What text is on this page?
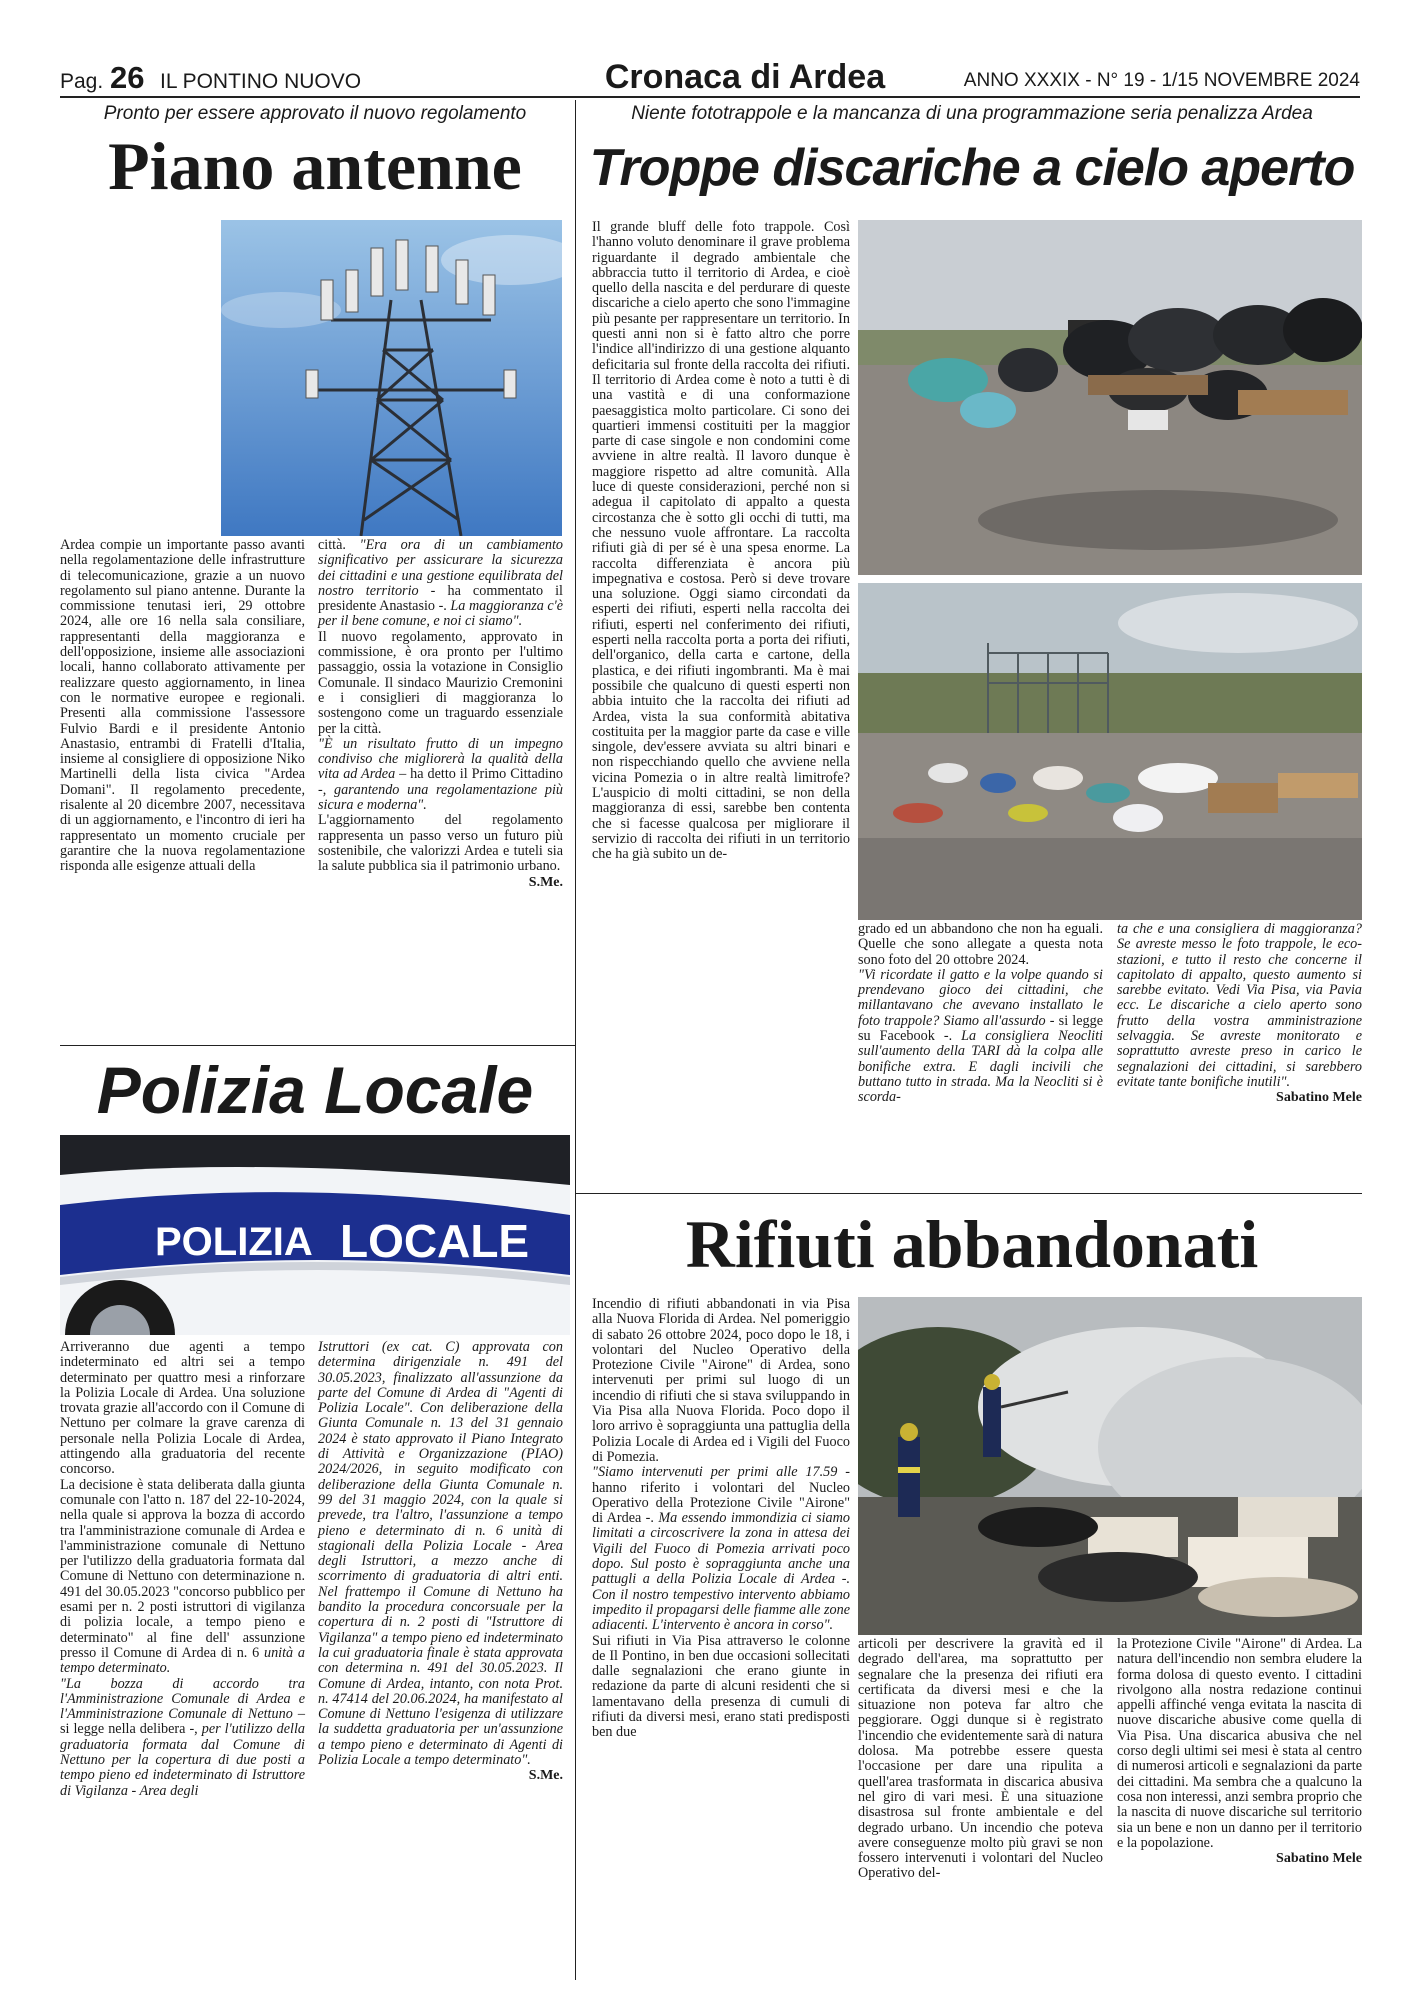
Pag. 26 IL PONTINO NUOVO	Cronaca di Ardea	ANNO XXXIX - N° 19 - 1/15 NOVEMBRE 2024
Pronto per essere approvato il nuovo regolamento
Piano antenne
Ardea compie un importante passo avanti nella regolamentazione delle infrastrutture di telecomunicazione, grazie a un nuovo regolamento sul piano antenne. Durante la commissione tenutasi ieri, 29 ottobre 2024, alle ore 16 nella sala consiliare, rappresentanti della maggioranza e dell'opposizione, insieme alle associazioni locali, hanno collaborato attivamente per realizzare questo aggiornamento, in linea con le normative europee e regionali. Presenti alla commissione l'assessore Fulvio Bardi e il presidente Antonio Anastasio, entrambi di Fratelli d'Italia, insieme al consigliere di opposizione Niko Martinelli della lista civica "Ardea Domani". Il regolamento precedente, risalente al 20 dicembre 2007, necessitava di un aggiornamento, e l'incontro di ieri ha rappresentato un momento cruciale per garantire che la nuova regolamentazione risponda alle esigenze attuali della

città. "Era ora di un cambiamento significativo per assicurare la sicurezza dei cittadini e una gestione equilibrata del nostro territorio - ha commentato il presidente Anastasio -. La maggioranza c'è per il bene comune, e noi ci siamo".

Il nuovo regolamento, approvato in commissione, è ora pronto per l'ultimo passaggio, ossia la votazione in Consiglio Comunale. Il sindaco Maurizio Cremonini e i consiglieri di maggioranza lo sostengono come un traguardo essenziale per la città.

"È un risultato frutto di un impegno condiviso che migliorerà la qualità della vita ad Ardea – ha detto il Primo Cittadino -, garantendo una regolamentazione più sicura e moderna".

L'aggiornamento del regolamento rappresenta un passo verso un futuro più sostenibile, che valorizzi Ardea e tuteli sia la salute pubblica sia il patrimonio urbano.

S.Me.
Polizia Locale
POLIZIA LOCALE

Arriveranno due agenti a tempo indeterminato ed altri sei a tempo determinato per quattro mesi a rinforzare la Polizia Locale di Ardea. Una soluzione trovata grazie all'accordo con il Comune di Nettuno per colmare la grave carenza di personale nella Polizia Locale di Ardea, attingendo alla graduatoria del recente concorso.

La decisione è stata deliberata dalla giunta comunale con l'atto n. 187 del 22-10-2024, nella quale si approva la bozza di accordo tra l'amministrazione comunale di Ardea e l'amministrazione comunale di Nettuno per l'utilizzo della graduatoria formata dal Comune di Nettuno con determinazione n. 491 del 30.05.2023 "concorso pubblico per esami per n. 2 posti istruttori di vigilanza di polizia locale, a tempo pieno e determinato" al fine dell' assunzione presso il Comune di Ardea di n. 6 unità a tempo determinato.

"La bozza di accordo tra l'Amministrazione Comunale di Ardea e l'Amministrazione Comunale di Nettuno – si legge nella delibera -, per l'utilizzo della graduatoria formata dal Comune di Nettuno per la copertura di due posti a tempo pieno ed indeterminato di Istruttore di Vigilanza - Area degli

Istruttori (ex cat. C) approvata con determina dirigenziale n. 491 del 30.05.2023, finalizzato all'assunzione da parte del Comune di Ardea di "Agenti di Polizia Locale". Con deliberazione della Giunta Comunale n. 13 del 31 gennaio 2024 è stato approvato il Piano Integrato di Attività e Organizzazione (PIAO) 2024/2026, in seguito modificato con deliberazione della Giunta Comunale n. 99 del 31 maggio 2024, con la quale si prevede, tra l'altro, l'assunzione a tempo pieno e determinato di n. 6 unità di stagionali della Polizia Locale - Area degli Istruttori, a mezzo anche di scorrimento di graduatoria di altri enti. Nel frattempo il Comune di Nettuno ha bandito la procedura concorsuale per la copertura di n. 2 posti di "Istruttore di Vigilanza" a tempo pieno ed indeterminato la cui graduatoria finale è stata approvata con determina n. 491 del 30.05.2023. Il Comune di Ardea, intanto, con nota Prot. n. 47414 del 20.06.2024, ha manifestato al Comune di Nettuno l'esigenza di utilizzare la suddetta graduatoria per un'assunzione a tempo pieno e determinato di Agenti di Polizia Locale a tempo determinato".

S.Me.
Niente fototrappole e la mancanza di una programmazione seria penalizza Ardea
Troppe discariche a cielo aperto
Il grande bluff delle foto trappole. Così l'hanno voluto denominare il grave problema riguardante il degrado ambientale che abbraccia tutto il territorio di Ardea, e cioè quello della nascita e del perdurare di queste discariche a cielo aperto che sono l'immagine più pesante per rappresentare un territorio. In questi anni non si è fatto altro che porre l'indice all'indirizzo di una gestione alquanto deficitaria sul fronte della raccolta dei rifiuti. Il territorio di Ardea come è noto a tutti è di una vastità e di una conformazione paesaggistica molto particolare. Ci sono dei quartieri immensi costituiti per la maggior parte di case singole e non condomini come avviene in altre realtà. Il lavoro dunque è maggiore rispetto ad altre comunità. Alla luce di queste considerazioni, perché non si adegua il capitolato di appalto a questa circostanza che è sotto gli occhi di tutti, ma che nessuno vuole affrontare. La raccolta rifiuti già di per sé è una spesa enorme. La raccolta differenziata è ancora più impegnativa e costosa. Però si deve trovare una soluzione. Oggi siamo circondati da esperti dei rifiuti, esperti nella raccolta dei rifiuti, esperti nel conferimento dei rifiuti, esperti nella raccolta porta a porta dei rifiuti, dell'organico, della carta e cartone, della plastica, e dei rifiuti ingombranti. Ma è mai possibile che qualcuno di questi esperti non abbia intuito che la raccolta dei rifiuti ad Ardea, vista la sua conformità abitativa costituita per la maggior parte da case e ville singole, dev'essere avviata su altri binari e non rispecchiando quello che avviene nella vicina Pomezia o in altre realtà limitrofe? L'auspicio di molti cittadini, se non della maggioranza di essi, sarebbe ben contenta che si facesse qualcosa per migliorare il servizio di raccolta dei rifiuti in un territorio che ha già subito un de-

grado ed un abbandono che non ha eguali. Quelle che sono allegate a questa nota sono foto del 20 ottobre 2024.

"Vi ricordate il gatto e la volpe quando si prendevano gioco dei cittadini, che millantavano che avevano installato le foto trappole? Siamo all'assurdo - si legge su Facebook -. La consigliera Neocliti sull'aumento della TARI dà la colpa alle bonifiche extra. E dagli incivili che buttano tutto in strada. Ma la Neocliti si è scorda-

ta che e una consigliera di maggioranza? Se avreste messo le foto trappole, le eco-stazioni, e tutto il resto che concerne il capitolato di appalto, questo aumento si sarebbe evitato. Vedi Via Pisa, via Pavia ecc. Le discariche a cielo aperto sono frutto della vostra amministrazione selvaggia. Se avreste monitorato e soprattutto avreste preso in carico le segnalazioni dei cittadini, si sarebbero evitate tante bonifiche inutili".

Sabatino Mele
Rifiuti abbandonati

Incendio di rifiuti abbandonati in via Pisa alla Nuova Florida di Ardea. Nel pomeriggio di sabato 26 ottobre 2024, poco dopo le 18, i volontari del Nucleo Operativo della Protezione Civile "Airone" di Ardea, sono intervenuti per primi sul luogo di un incendio di rifiuti che si stava sviluppando in Via Pisa alla Nuova Florida. Poco dopo il loro arrivo è sopraggiunta una pattuglia della Polizia Locale di Ardea ed i Vigili del Fuoco di Pomezia.

"Siamo intervenuti per primi alle 17.59 - hanno riferito i volontari del Nucleo Operativo della Protezione Civile "Airone" di Ardea -. Ma essendo immondizia ci siamo limitati a circoscrivere la zona in attesa dei Vigili del Fuoco di Pomezia arrivati poco dopo. Sul posto è sopraggiunta anche una pattugli a della Polizia Locale di Ardea -. Con il nostro tempestivo intervento abbiamo impedito il propagarsi delle fiamme alle zone adiacenti. L'intervento è ancora in corso".

Sui rifiuti in Via Pisa attraverso le colonne de Il Pontino, in ben due occasioni sollecitati dalle segnalazioni che erano giunte in redazione da parte di alcuni residenti che si lamentavano della presenza di cumuli di rifiuti da diversi mesi, erano stati predisposti ben due

articoli per descrivere la gravità ed il degrado dell'area, ma soprattutto per segnalare che la presenza dei rifiuti era certificata da diversi mesi e che la situazione non poteva far altro che peggiorare. Oggi dunque si è registrato l'incendio che evidentemente sarà di natura dolosa. Ma potrebbe essere questa l'occasione per dare una ripulita a quell'area trasformata in discarica abusiva nel giro di vari mesi. È una situazione disastrosa sul fronte ambientale e del degrado urbano. Un incendio che poteva avere conseguenze molto più gravi se non fossero intervenuti i volontari del Nucleo Operativo del-

la Protezione Civile "Airone" di Ardea. La natura dell'incendio non sembra eludere la forma dolosa di questo evento. I cittadini rivolgono alla nostra redazione continui appelli affinché venga evitata la nascita di nuove discariche abusive come quella di Via Pisa. Una discarica abusiva che nel corso degli ultimi sei mesi è stata al centro di numerosi articoli e segnalazioni da parte dei cittadini. Ma sembra che a qualcuno la cosa non interessi, anzi sembra proprio che la nascita di nuove discariche sul territorio sia un bene e non un danno per il territorio e la popolazione.

Sabatino Mele
